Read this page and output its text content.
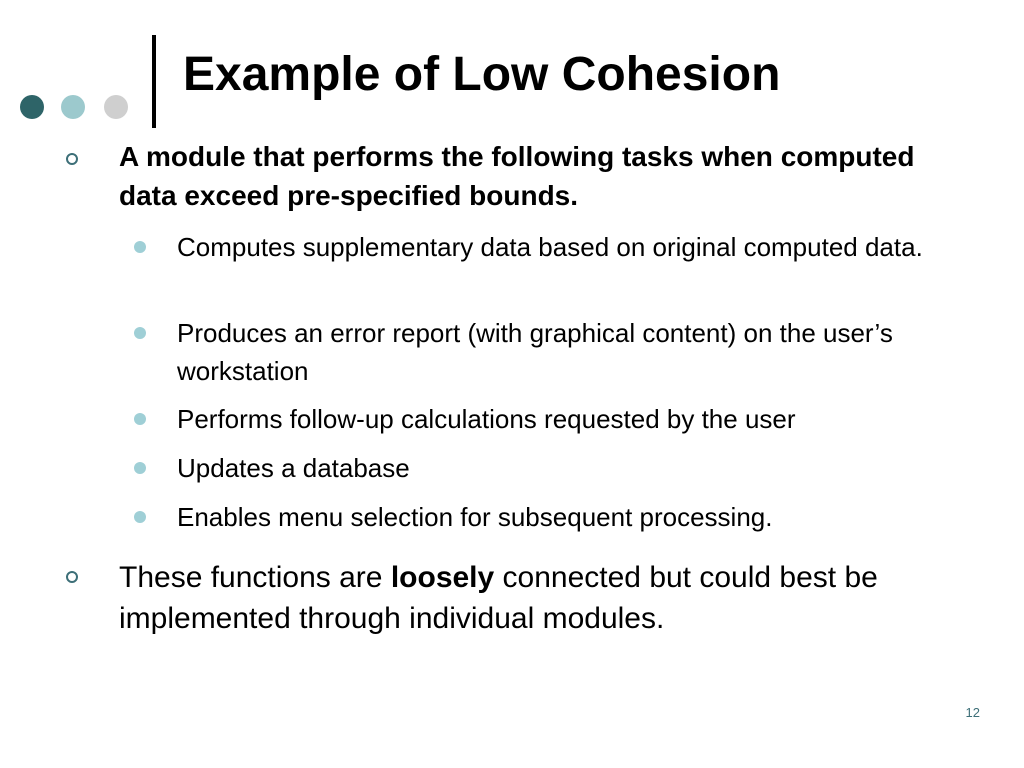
Example of Low Cohesion

A module that performs the following tasks when computed data exceed pre-specified bounds.

Computes supplementary data based on original computed data.

Produces an error report (with graphical content) on the user’s workstation

Performs follow-up calculations requested by the user

Updates a database

Enables menu selection for subsequent processing.

These functions are loosely connected but could best be implemented through individual modules.

12
